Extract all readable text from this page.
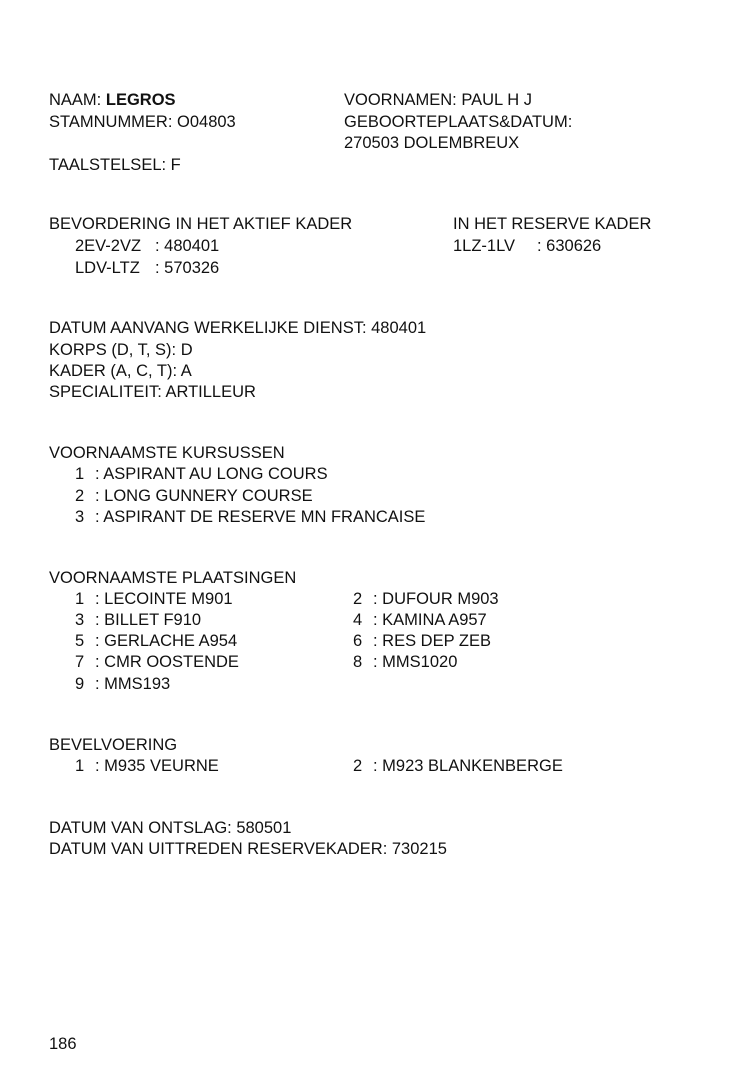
NAAM: LEGROS
STAMNUMMER: O04803
VOORNAMEN: PAUL H J
GEBOORTEPLAATS&DATUM:
270503 DOLEMBREUX
TAALSTELSEL: F
BEVORDERING IN HET AKTIEF KADER
2EV-2VZ : 480401
LDV-LTZ : 570326
IN HET RESERVE KADER
1LZ-1LV : 630626
DATUM AANVANG WERKELIJKE DIENST: 480401
KORPS (D, T, S): D
KADER (A, C, T): A
SPECIALITEIT: ARTILLEUR
VOORNAAMSTE KURSUSSEN
1 : ASPIRANT AU LONG COURS
2 : LONG GUNNERY COURSE
3 : ASPIRANT DE RESERVE MN FRANCAISE
VOORNAAMSTE PLAATSINGEN
1 : LECOINTE M901
3 : BILLET F910
5 : GERLACHE A954
7 : CMR OOSTENDE
9 : MMS193
2 : DUFOUR M903
4 : KAMINA A957
6 : RES DEP ZEB
8 : MMS1020
BEVELVOERING
1 : M935 VEURNE	2 : M923 BLANKENBERGE
DATUM VAN ONTSLAG: 580501
DATUM VAN UITTREDEN RESERVEKADER: 730215
186
